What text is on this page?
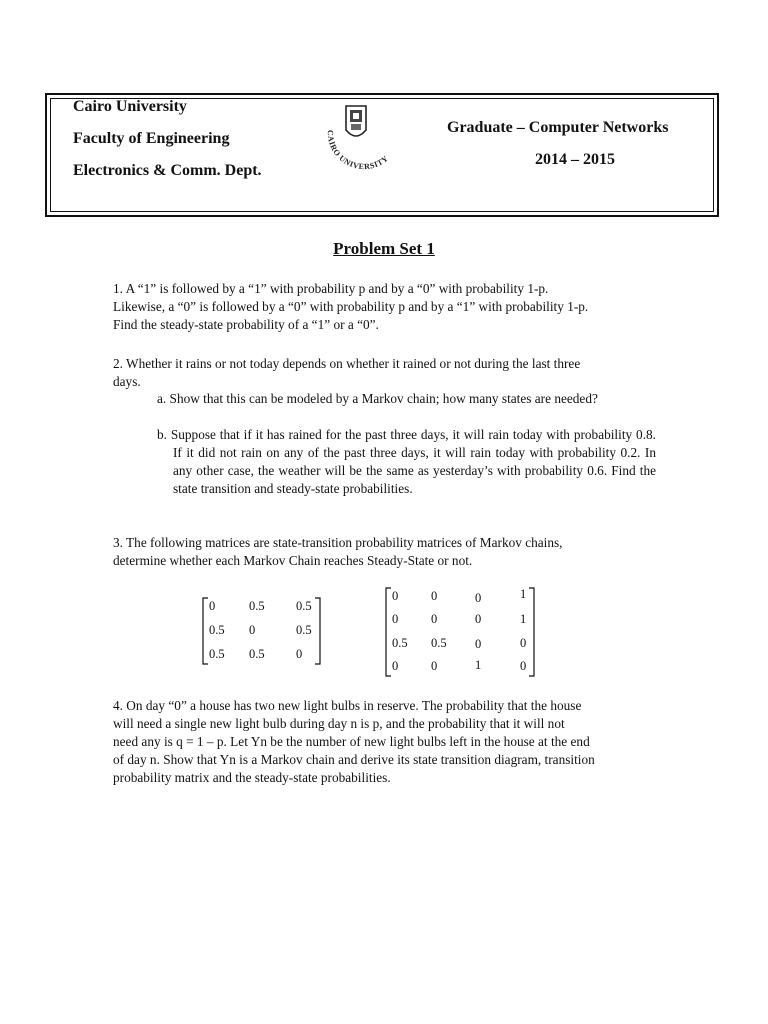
Cairo University
Faculty of Engineering
Electronics & Comm. Dept.
Graduate – Computer Networks
2014 – 2015
CAIRO UNIVERSITY
Problem Set 1

1. A “1” is followed by a “1” with probability p and by a “0” with probability 1-p.

Likewise, a “0” is followed by a “0” with probability p and by a “1” with probability 1-p.

Find the steady-state probability of a “1” or a “0”.

2. Whether it rains or not today depends on whether it rained or not during the last three

days.

a. Show that this can be modeled by a Markov chain; how many states are needed?

b. Suppose that if it has rained for the past three days, it will rain today with probability 0.8. If it did not rain on any of the past three days, it will rain today with probability 0.2. In any other case, the weather will be the same as yesterday’s with probability 0.6. Find the state transition and steady-state probabilities.

3. The following matrices are state-transition probability matrices of Markov chains,

determine whether each Markov Chain reaches Steady-State or not.

0	0.5	0.5
0.5 0	0.5
0.5 0.5	0
0	0	0	1
0	0	0	1
0.5 0.5 0	0
0	0	1	0

4. On day “0” a house has two new light bulbs in reserve. The probability that the house

will need a single new light bulb during day n is p, and the probability that it will not

need any is q = 1 – p. Let Yn be the number of new light bulbs left in the house at the end

of day n. Show that Yn is a Markov chain and derive its state transition diagram, transition

probability matrix and the steady-state probabilities.
